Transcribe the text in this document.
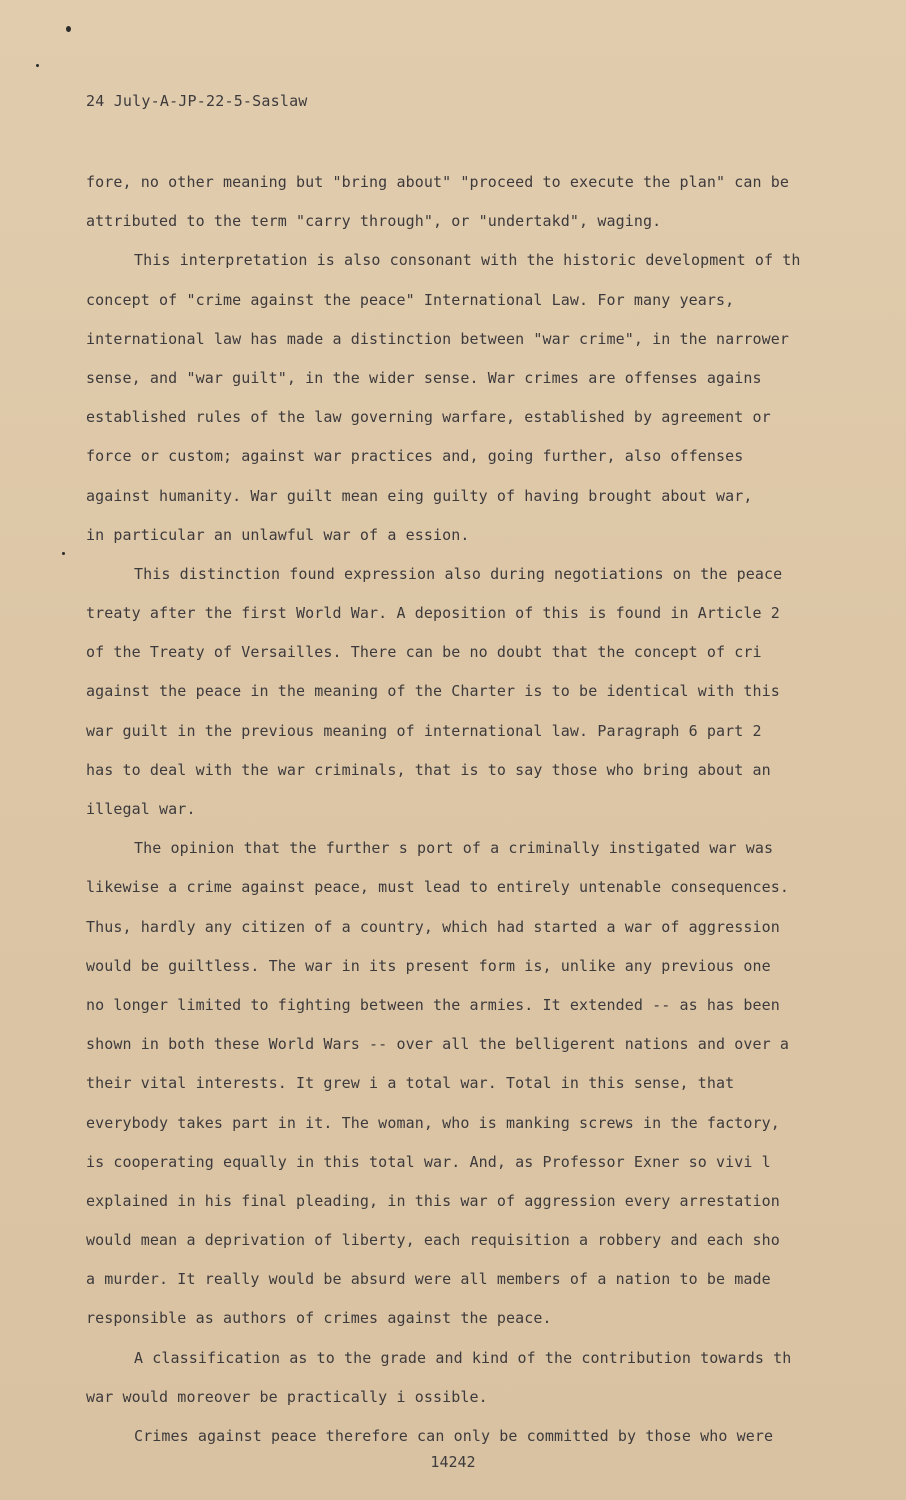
24 July-A-JP-22-5-Saslaw
fore, no other meaning but "bring about" "proceed to execute the plan" can be
attributed to the term "carry through", or "undertakd", waging.
This interpretation is also consonant with the historic development of th
concept of "crime against the peace" International Law. For many years,
international law has made a distinction between "war crime", in the narrower
sense, and "war guilt", in the wider sense. War crimes are offenses agains
established rules of the law governing warfare, established by agreement or
force or custom; against war practices and, going further, also offenses
against humanity. War guilt mean eing guilty of having brought about war,
in particular an unlawful war of a ession.
This distinction found expression also during negotiations on the peace
treaty after the first World War. A deposition of this is found in Article 2
of the Treaty of Versailles. There can be no doubt that the concept of cri
against the peace in the meaning of the Charter is to be identical with this
war guilt in the previous meaning of international law. Paragraph 6 part 2
has to deal with the war criminals, that is to say those who bring about an
illegal war.
The opinion that the further s port of a criminally instigated war was
likewise a crime against peace, must lead to entirely untenable consequences.
Thus, hardly any citizen of a country, which had started a war of aggression
would be guiltless. The war in its present form is, unlike any previous one
no longer limited to fighting between the armies. It extended -- as has been
shown in both these World Wars -- over all the belligerent nations and over a
their vital interests. It grew i a total war. Total in this sense, that
everybody takes part in it. The woman, who is manking screws in the factory,
is cooperating equally in this total war. And, as Professor Exner so vivi l
explained in his final pleading, in this war of aggression every arrestation
would mean a deprivation of liberty, each requisition a robbery and each sho
a murder. It really would be absurd were all members of a nation to be made
responsible as authors of crimes against the peace.
A classification as to the grade and kind of the contribution towards th
war would moreover be practically i ossible.
Crimes against peace therefore can only be committed by those who were
14242
